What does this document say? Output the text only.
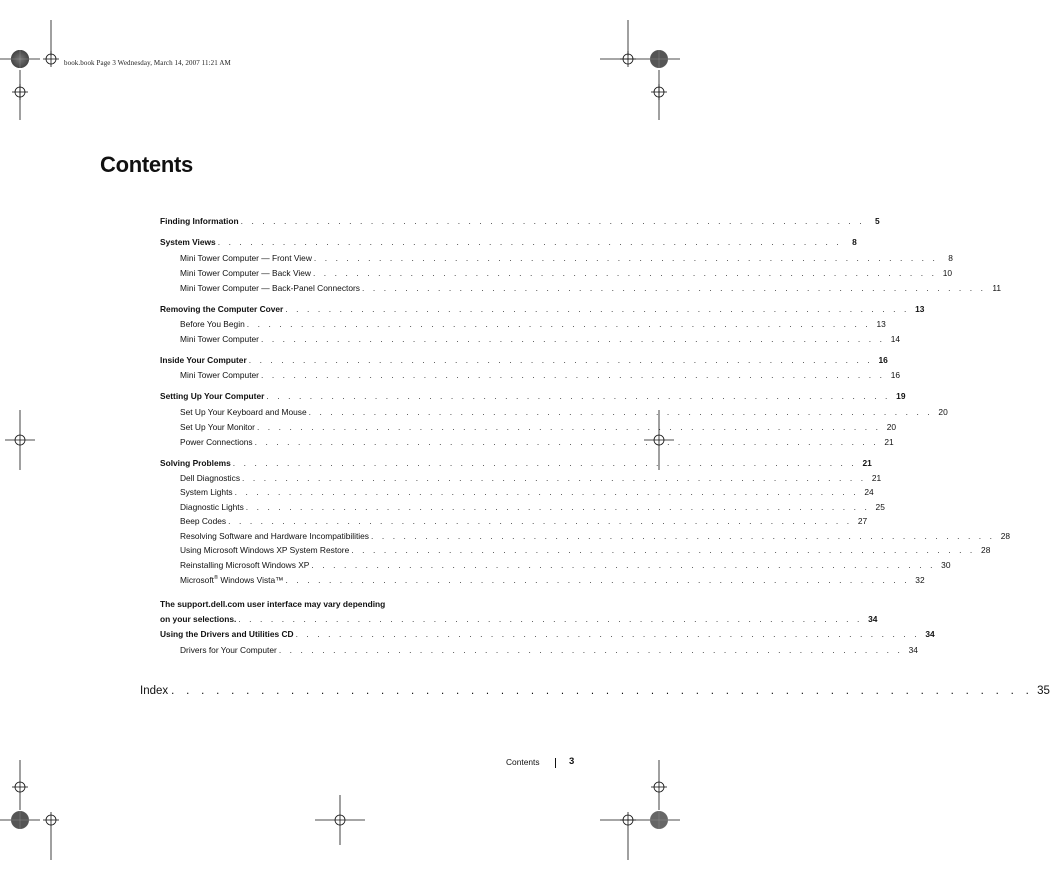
book.book Page 3 Wednesday, March 14, 2007 11:21 AM
Contents
Finding Information . . . . . . . . . . . . . . . . . . . . . . . . . . . . . . . . . . . . . . . . . . . . . . . . . . . . . . . . . .	5
System Views . . . . . . . . . . . . . . . . . . . . . . . . . . . . . . . . . . . . . . . . . . . . . . . . . . . . . . . . . .	8
Mini Tower Computer — Front View . . . . . . . . . . . . . . . . . . . . . . . . . . . . . . . . . . . . . . . . . . . . . . . . . . . . . . . . . .	8
Mini Tower Computer — Back View . . . . . . . . . . . . . . . . . . . . . . . . . . . . . . . . . . . . . . . . . . . . . . . . . . . . . . . . . . 10
Mini Tower Computer — Back-Panel Connectors . . . . . . . . . . . . . . . . . . . . . . . . . . . . . . . . . . . . . . . . . . . . . . . . . . . . . . . . . . 11
Removing the Computer Cover . . . . . . . . . . . . . . . . . . . . . . . . . . . . . . . . . . . . . . . . . . . . . . . . . . . . . . . . . . 13
Before You Begin . . . . . . . . . . . . . . . . . . . . . . . . . . . . . . . . . . . . . . . . . . . . . . . . . . . . . . . . . . 13
Mini Tower Computer . . . . . . . . . . . . . . . . . . . . . . . . . . . . . . . . . . . . . . . . . . . . . . . . . . . . . . . . . . 14
Inside Your Computer . . . . . . . . . . . . . . . . . . . . . . . . . . . . . . . . . . . . . . . . . . . . . . . . . . . . . . . . . . 16
Mini Tower Computer . . . . . . . . . . . . . . . . . . . . . . . . . . . . . . . . . . . . . . . . . . . . . . . . . . . . . . . . . . 16
Setting Up Your Computer . . . . . . . . . . . . . . . . . . . . . . . . . . . . . . . . . . . . . . . . . . . . . . . . . . . . . . . . . . 19
Set Up Your Keyboard and Mouse . . . . . . . . . . . . . . . . . . . . . . . . . . . . . . . . . . . . . . . . . . . . . . . . . . . . . . . . . . 20
Set Up Your Monitor . . . . . . . . . . . . . . . . . . . . . . . . . . . . . . . . . . . . . . . . . . . . . . . . . . . . . . . . . . 20
Power Connections . . . . . . . . . . . . . . . . . . . . . . . . . . . . . . . . . . . . . . . . . . . . . . . . . . . . . . . . . . 21
Solving Problems . . . . . . . . . . . . . . . . . . . . . . . . . . . . . . . . . . . . . . . . . . . . . . . . . . . . . . . . . . 21
Dell Diagnostics . . . . . . . . . . . . . . . . . . . . . . . . . . . . . . . . . . . . . . . . . . . . . . . . . . . . . . . . . . 21
System Lights . . . . . . . . . . . . . . . . . . . . . . . . . . . . . . . . . . . . . . . . . . . . . . . . . . . . . . . . . . 24
Diagnostic Lights . . . . . . . . . . . . . . . . . . . . . . . . . . . . . . . . . . . . . . . . . . . . . . . . . . . . . . . . . . 25
Beep Codes . . . . . . . . . . . . . . . . . . . . . . . . . . . . . . . . . . . . . . . . . . . . . . . . . . . . . . . . . . 27
Resolving Software and Hardware Incompatibilities . . . . . . . . . . . . . . . . . . . . . . . . . . . . . . . . . . . . . . . . . . . . . . . . . . . . . . . . . . 28
Using Microsoft Windows XP System Restore . . . . . . . . . . . . . . . . . . . . . . . . . . . . . . . . . . . . . . . . . . . . . . . . . . . . . . . . . . 28
Reinstalling Microsoft Windows XP . . . . . . . . . . . . . . . . . . . . . . . . . . . . . . . . . . . . . . . . . . . . . . . . . . . . . . . . . . 30
Microsoft® Windows Vista™ . . . . . . . . . . . . . . . . . . . . . . . . . . . . . . . . . . . . . . . . . . . . . . . . . . . . . . . . . . 32
The support.dell.com user interface may vary depending
on your selections. . . . . . . . . . . . . . . . . . . . . . . . . . . . . . . . . . . . . . . . . . . . . . . . . . . . . . . . . . . 34
Using the Drivers and Utilities CD . . . . . . . . . . . . . . . . . . . . . . . . . . . . . . . . . . . . . . . . . . . . . . . . . . . . . . . . . . 34
Drivers for Your Computer . . . . . . . . . . . . . . . . . . . . . . . . . . . . . . . . . . . . . . . . . . . . . . . . . . . . . . . . . . 34
Index . . . . . . . . . . . . . . . . . . . . . . . . . . . . . . . . . . . . . . . . . . . . . . . . . . . . . . . . . . 35
Contents	3
